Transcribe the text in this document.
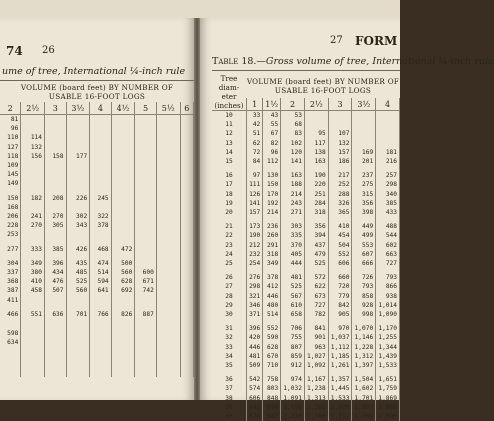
74 26
ume of tree, International ¼-inch rule
VOLUME (board feet) BY NUMBER OF
USABLE 16-FOOT LOGS
2	2½	3	3½	4	4½	5	5½	6
81								
96								
110	114							
127	132							
118	156	158	177					
109								
145								
149								

150	182	208	226	245				
168								
206	241	270	302	322				
228	270	305	343	378				
253								

277	333	385	426	468	472			

304	349	396	435	474	500			
337	380	434	485	514	560	600		
368	410	476	525	594	628	671		
387	458	507	560	641	692	742		
411								

466	551	636	701	766	826	887		

598								
634								

27 FORM
Table 18.—Gross volume of tree, International ¼-inch rule
Tree
diam-
eter
(inches)
VOLUME (board feet) BY NUMBER OF
USABLE 16-FOOT LOGS
	1	1½	2	2½	3	3½	4
10	33	43	53				
11	42	55	68				
12	51	67	83	95	107		
13	62	82	102	117	132		
14	72	96	120	138	157	169	181
15	84	112	141	163	186	201	216

16	97	130	163	190	217	237	257
17	111	150	188	220	252	275	298
18	126	170	214	251	288	315	340
19	141	192	243	284	326	356	385
20	157	214	271	318	365	398	433

21	173	236	303	356	410	449	488
22	190	260	335	394	454	499	544
23	212	291	370	437	504	553	602
24	232	318	405	479	552	607	663
25	254	349	444	525	606	666	727

26	276	378	481	572	660	726	793
27	298	412	525	622	720	793	866
28	321	446	567	673	779	858	938
29	346	480	610	727	842	928	1,014
30	371	514	658	782	905	998	1,090

31	396	552	706	841	970	1,070	1,170
32	420	590	755	901	1,037	1,146	1,255
33	446	628	807	963	1,112	1,228	1,344
34	481	670	859	1,027	1,185	1,312	1,439
35	509	710	912	1,092	1,261	1,397	1,533

36	542	758	974	1,167	1,357	1,504	1,651
37	574	803	1,032	1,238	1,445	1,602	1,759
38	606	848	1,091	1,313	1,533	1,701	1,869
39	640	898	1,150	1,385	1,620	1,803	1,986
40	674	947	1,210	1,460	1,712	1,904	2,096
